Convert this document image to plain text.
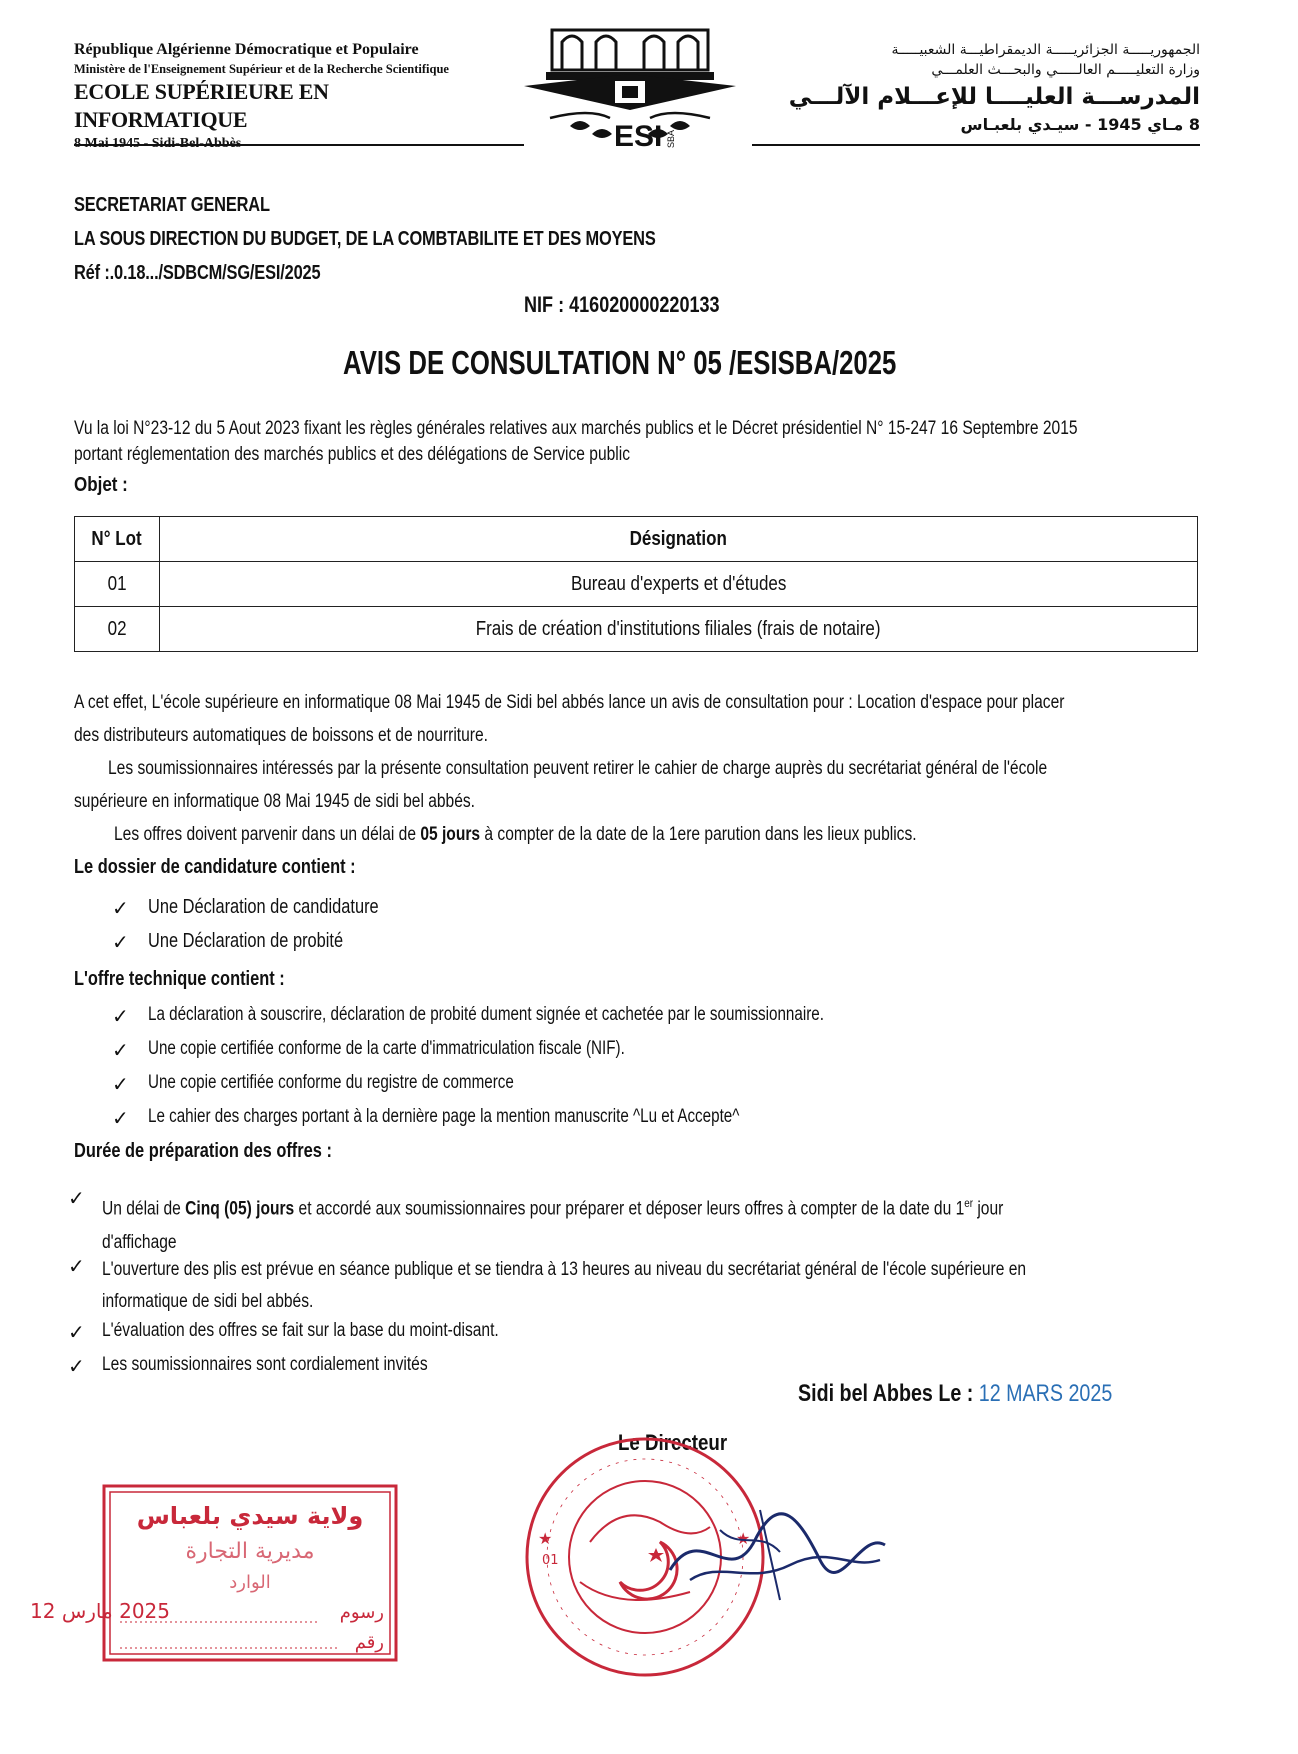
République Algérienne Démocratique et Populaire
Ministère de l'Enseignement Supérieur et de la Recherche Scientifique
ECOLE SUPÉRIEURE EN INFORMATIQUE
8 Mai 1945 - Sidi-Bel-Abbès	ESI SBA
الجمهوريـــــة الجزائريـــــة الديمقراطيـــة الشعبيـــــة
وزارة التعليـــــم العالـــــي والبحـــث العلمـــي
المدرســـة العليــــا للإعـــلام الآلـــي
8 مـاي 1945 - سيـدي بلعبـاس
SECRETARIAT GENERAL
LA SOUS DIRECTION DU BUDGET, DE LA COMBTABILITE ET DES MOYENS
Réf :.0.18.../SDBCM/SG/ESI/2025
NIF : 416020000220133
AVIS DE CONSULTATION N° 05 /ESISBA/2025
Vu la loi N°23-12 du 5 Aout 2023 fixant les règles générales relatives aux marchés publics et le Décret présidentiel N° 15-247 16 Septembre 2015
portant réglementation des marchés publics et des délégations de Service public
Objet :
N° Lot	Désignation
01	Bureau d'experts et d'études
02	Frais de création d'institutions filiales (frais de notaire)
A cet effet, L'école supérieure en informatique 08 Mai 1945 de Sidi bel abbés lance un avis de consultation pour : Location d'espace pour placer
des distributeurs automatiques de boissons et de nourriture.
Les soumissionnaires intéressés par la présente consultation peuvent retirer le cahier de charge auprès du secrétariat général de l'école
supérieure en informatique 08 Mai 1945 de sidi bel abbés.
Les offres doivent parvenir dans un délai de 05 jours à compter de la date de la 1ere parution dans les lieux publics.
Le dossier de candidature contient :
✓ Une Déclaration de candidature
✓ Une Déclaration de probité
L'offre technique contient :
✓ La déclaration à souscrire, déclaration de probité dument signée et cachetée par le soumissionnaire.
✓ Une copie certifiée conforme de la carte d'immatriculation fiscale (NIF).
✓ Une copie certifiée conforme du registre de commerce
✓ Le cahier des charges portant à la dernière page la mention manuscrite ^Lu et Accepte^
Durée de préparation des offres :
✓ Un délai de Cinq (05) jours et accordé aux soumissionnaires pour préparer et déposer leurs offres à compter de la date du 1er jour
d'affichage
✓ L'ouverture des plis est prévue en séance publique et se tiendra à 13 heures au niveau du secrétariat général de l'école supérieure en
informatique de sidi bel abbés.
✓ L'évaluation des offres se fait sur la base du moint-disant.
✓ Les soumissionnaires sont cordialement invités
Sidi bel Abbes Le : 12 MARS 2025
Le Directeur
ولاية سيدي بلعباس
مديرية التجارة
الوارد
2025 مارس 12	رسوم
رقم
01
★	★
